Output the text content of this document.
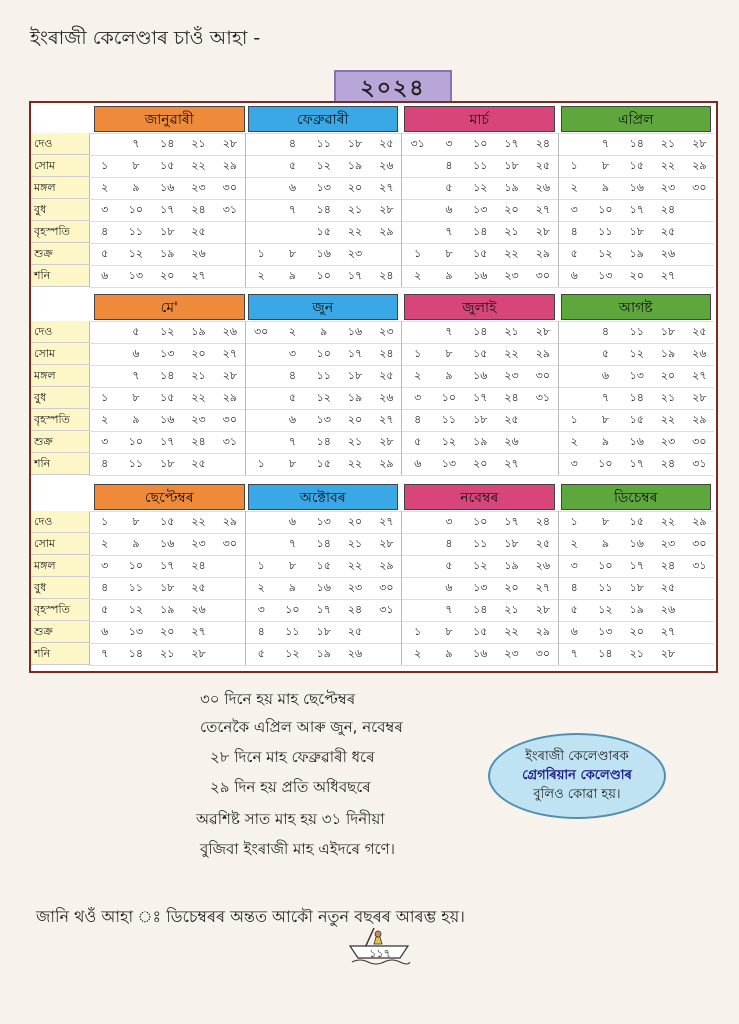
ইংৰাজী কেলেণ্ডাৰ চাওঁ আহা -
২০২৪
দেও
সোম
মঙ্গল
বুধ
বৃহস্পতি
শুক্র
শনি
দেও
সোম
মঙ্গল
বুধ
বৃহস্পতি
শুক্র
শনি
দেও
সোম
মঙ্গল
বুধ
বৃহস্পতি
শুক্র
শনি
জানুৱাৰী
১
২
৩
৪
৫
৬
৭
৮
৯
১০
১১
১২
১৩
১৪
১৫
১৬
১৭
১৮
১৯
২০
২১
২২
২৩
২৪
২৫
২৬
২৭
২৮
২৯
৩০
৩১
ফেব্ৰুৱাৰী
১
২
৪
৫
৬
৭
৮
৯
১১
১২
১৩
১৪
১৫
১৬
১০
১৮
১৯
২০
২১
২২
২৩
১৭
২৫
২৬
২৭
২৮
২৯
২৪
মাৰ্চ
৩১
১
২
৩
৪
৫
৬
৭
৮
৯
১০
১১
১২
১৩
১৪
১৫
১৬
১৭
১৮
১৯
২০
২১
২২
২৩
২৪
২৫
২৬
২৭
২৮
২৯
৩০
এপ্ৰিল
১
২
৩
৪
৫
৬
৭
৮
৯
১০
১১
১২
১৩
১৪
১৫
১৬
১৭
১৮
১৯
২০
২১
২২
২৩
২৪
২৫
২৬
২৭
২৮
২৯
৩০
মে'
১
২
৩
৪
৫
৬
৭
৮
৯
১০
১১
১২
১৩
১৪
১৫
১৬
১৭
১৮
১৯
২০
২১
২২
২৩
২৪
২৫
২৬
২৭
২৮
২৯
৩০
৩১
জুন
৩০
১
২
৩
৪
৫
৬
৭
৮
৯
১০
১১
১২
১৩
১৪
১৫
১৬
১৭
১৮
১৯
২০
২১
২২
২৩
২৪
২৫
২৬
২৭
২৮
২৯
জুলাই
১
২
৩
৪
৫
৬
৭
৮
৯
১০
১১
১২
১৩
১৪
১৫
১৬
১৭
১৮
১৯
২০
২১
২২
২৩
২৪
২৫
২৬
২৭
২৮
২৯
৩০
৩১
আগষ্ট
১
২
৩
৪
৫
৬
৭
৮
৯
১০
১১
১২
১৩
১৪
১৫
১৬
১৭
১৮
১৯
২০
২১
২২
২৩
২৪
২৫
২৬
২৭
২৮
২৯
৩০
৩১
ছেপ্টেম্বৰ
১
২
৩
৪
৫
৬
৭
৮
৯
১০
১১
১২
১৩
১৪
১৫
১৬
১৭
১৮
১৯
২০
২১
২২
২৩
২৪
২৫
২৬
২৭
২৮
২৯
৩০
অক্টোবৰ
১
২
৩
৪
৫
৬
৭
৮
৯
১০
১১
১২
১৩
১৪
১৫
১৬
১৭
১৮
১৯
২০
২১
২২
২৩
২৪
২৫
২৬
২৭
২৮
২৯
৩০
৩১
নবেম্বৰ
১
২
৩
৪
৫
৬
৭
৮
৯
১০
১১
১২
১৩
১৪
১৫
১৬
১৭
১৮
১৯
২০
২১
২২
২৩
২৪
২৫
২৬
২৭
২৮
২৯
৩০
ডিচেম্বৰ
১
২
৩
৪
৫
৬
৭
৮
৯
১০
১১
১২
১৩
১৪
১৫
১৬
১৭
১৮
১৯
২০
২১
২২
২৩
২৪
২৫
২৬
২৭
২৮
২৯
৩০
৩১
৩০ দিনে হয় মাহ ছেপ্টেম্বৰ
তেনেকৈ এপ্ৰিল আৰু জুন, নবেম্বৰ
২৮ দিনে মাহ ফেব্ৰুৱাৰী ধৰে
২৯ দিন হয় প্ৰতি অধিবছৰে
অৱশিষ্ট সাত মাহ হয় ৩১ দিনীয়া
বুজিবা ইংৰাজী মাহ এইদৰে গণে।
ইংৰাজী কেলেণ্ডাৰক
গ্ৰেগৰিয়ান কেলেণ্ডাৰ
বুলিও কোৱা হয়।
জানি থওঁ আহা ঃ ডিচেম্বৰৰ অন্তত আকৌ নতুন বছৰৰ আৰম্ভ হয়।
১১৭
